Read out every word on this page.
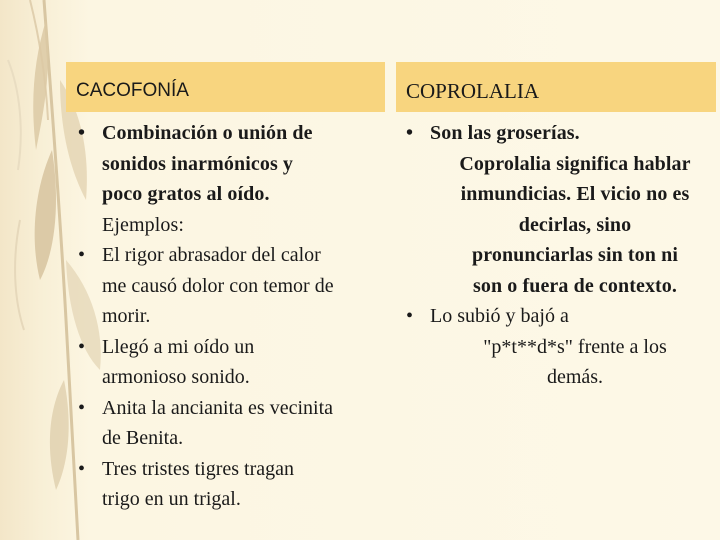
CACOFONÍA	COPROLALIA
• Combinación o unión de
sonidos inarmónicos y
poco gratos al oído.
Ejemplos:
• El rigor abrasador del calor
me causó dolor con temor de
morir.
• Llegó a mi oído un
armonioso sonido.
• Anita la ancianita es vecinita
de Benita.
• Tres tristes tigres tragan
trigo en un trigal.
• Son las groserías.
Coprolalia significa hablar
inmundicias. El vicio no es
decirlas, sino
pronunciarlas sin ton ni
son o fuera de contexto.
• Lo subió y bajó a
"p*t**d*s" frente a los
demás.
